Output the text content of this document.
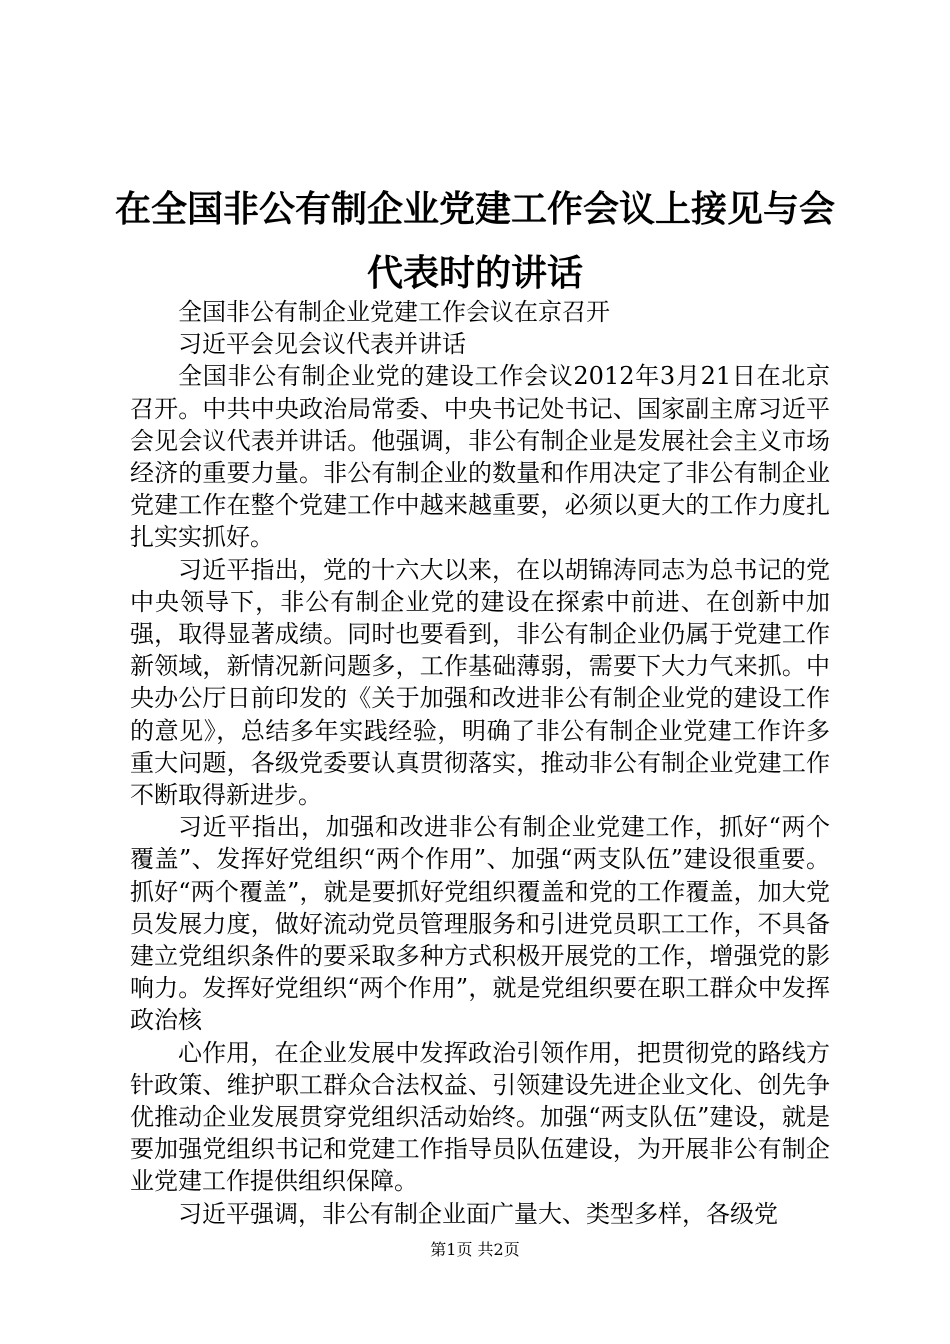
在全国非公有制企业党建工作会议上接见与会
代表时的讲话

全国非公有制企业党建工作会议在京召开

习近平会见会议代表并讲话

全国非公有制企业党的建设工作会议2012年3月21日在北京召开。中共中央政治局常委、中央书记处书记、国家副主席习近平会见会议代表并讲话。他强调，非公有制企业是发展社会主义市场经济的重要力量。非公有制企业的数量和作用决定了非公有制企业党建工作在整个党建工作中越来越重要，必须以更大的工作力度扎扎实实抓好。

习近平指出，党的十六大以来，在以胡锦涛同志为总书记的党中央领导下，非公有制企业党的建设在探索中前进、在创新中加强，取得显著成绩。同时也要看到，非公有制企业仍属于党建工作新领域，新情况新问题多，工作基础薄弱，需要下大力气来抓。中央办公厅日前印发的《关于加强和改进非公有制企业党的建设工作的意见》，总结多年实践经验，明确了非公有制企业党建工作许多重大问题，各级党委要认真贯彻落实，推动非公有制企业党建工作不断取得新进步。

习近平指出，加强和改进非公有制企业党建工作，抓好“两个覆盖”、发挥好党组织“两个作用”、加强“两支队伍”建设很重要。抓好“两个覆盖”，就是要抓好党组织覆盖和党的工作覆盖，加大党员发展力度，做好流动党员管理服务和引进党员职工工作，不具备建立党组织条件的要采取多种方式积极开展党的工作，增强党的影响力。发挥好党组织“两个作用”，就是党组织要在职工群众中发挥政治核

心作用，在企业发展中发挥政治引领作用，把贯彻党的路线方针政策、维护职工群众合法权益、引领建设先进企业文化、创先争优推动企业发展贯穿党组织活动始终。加强“两支队伍”建设，就是要加强党组织书记和党建工作指导员队伍建设，为开展非公有制企业党建工作提供组织保障。

习近平强调，非公有制企业面广量大、类型多样，各级党

第1页 共2页
